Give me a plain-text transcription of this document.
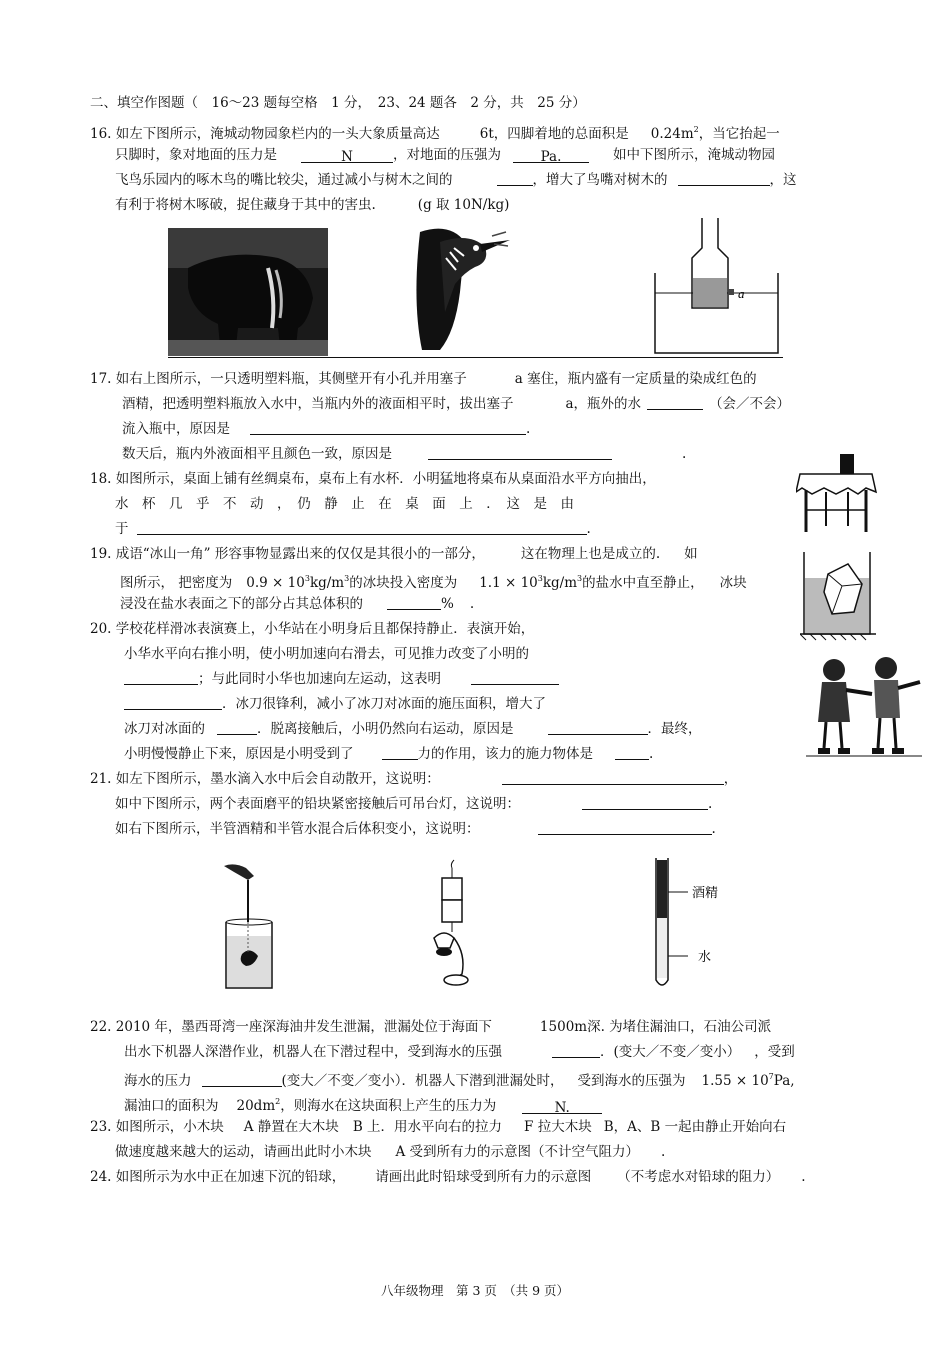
二、填空作图题（　16～23 题每空格　1 分，　23、24 题各　2 分，共　25 分）
16. 如左下图所示，淹城动物园象栏内的一头大象质量高达	6t，四脚着地的总面积是 $0.24m^2$，当它抬起一
只脚时，象对地面的压力是	N	，对地面的压强为	Pa.	如中下图所示，淹城动物园
飞鸟乐园内的啄木鸟的嘴比较尖，通过减小与树木之间的	，增大了鸟嘴对树木的	，这
有利于将树木啄破，捉住藏身于其中的害虫.	(g 取 10N/kg)
a
17. 如右上图所示，一只透明塑料瓶，其侧壁开有小孔并用塞子	a 塞住，瓶内盛有一定质量的染成红色的
酒精，把透明塑料瓶放入水中，当瓶内外的液面相平时，拔出塞子	a，瓶外的水	（会／不会）
流入瓶中，原因是	.
数天后，瓶内外液面相平且颜色一致，原因是	.
18. 如图所示，桌面上铺有丝绸桌布，桌布上有水杯．小明猛地将桌布从桌面沿水平方向抽出，
水　杯　几　乎　不　动　，　仍　静　止　在　桌　面　上　．　这　是　由
于	.
19. 成语“冰山一角” 形容事物显露出来的仅仅是其很小的一部分，	这在物理上也是成立的. 如
图所示， 把密度为 $0.9 \times 10^3kg/m^3$的冰块投入密度为 $1.1 \times 10^3kg/m^3$的盐水中直至静止， 冰块
浸没在盐水表面之下的部分占其总体积的	% .
20. 学校花样滑冰表演赛上，小华站在小明身后且都保持静止．表演开始，
小华水平向右推小明，使小明加速向右滑去，可见推力改变了小明的
；与此同时小华也加速向左运动，这表明
．冰刀很锋利，减小了冰刀对冰面的施压面积，增大了
冰刀对冰面的	．脱离接触后，小明仍然向右运动，原因是	．最终，
小明慢慢静止下来，原因是小明受到了	力的作用，该力的施力物体是	.
21. 如左下图所示，墨水滴入水中后会自动散开，这说明：	，
如中下图所示，两个表面磨平的铅块紧密接触后可吊台灯，这说明：	.
如右下图所示，半管酒精和半管水混合后体积变小，这说明：	.
酒精
水
22. 2010 年，墨西哥湾一座深海油井发生泄漏，泄漏处位于海面下	1500m深. 为堵住漏油口，石油公司派
出水下机器人深潜作业，机器人在下潜过程中，受到海水的压强	．(变大／不变／变小） ，受到
海水的压力	(变大／不变／变小）．机器人下潜到泄漏处时， 受到海水的压强为 $1.55 \times 10^7Pa$,
漏油口的面积为 $20dm^2$，则海水在这块面积上产生的压力为	N.
23. 如图所示，小木块 A 静置在大木块 B 上．用水平向右的拉力 F 拉大木块 B，A、B 一起由静止开始向右
做速度越来越大的运动，请画出此时小木块 A 受到所有力的示意图（不计空气阻力） .
24. 如图所示为水中正在加速下沉的铅球， 请画出此时铅球受到所有力的示意图 （不考虑水对铅球的阻力） .
八年级物理　第 3 页　（共 9 页）
